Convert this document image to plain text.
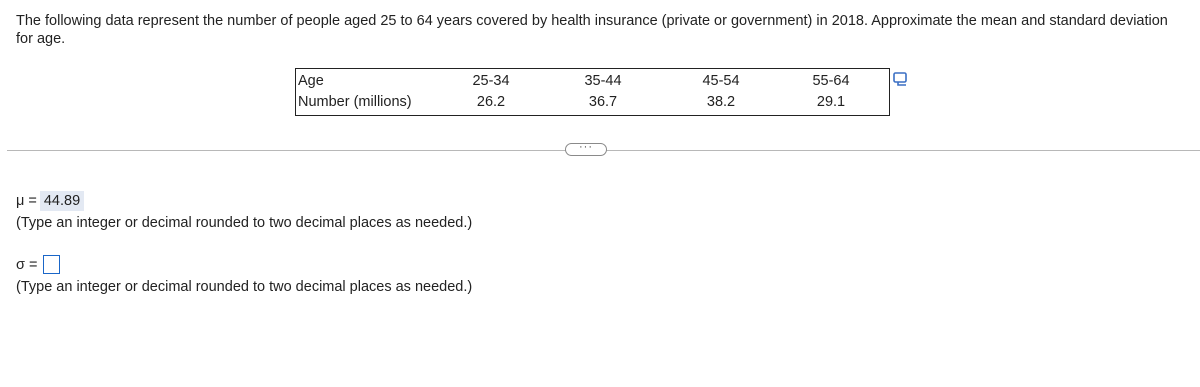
The following data represent the number of people aged 25 to 64 years covered by health insurance (private or government) in 2018. Approximate the mean and standard deviation for age.
Age	25-34	35-44	45-54	55-64
Number (millions)	26.2	36.7	38.2	29.1
···
μ = 44.89
(Type an integer or decimal rounded to two decimal places as needed.)
σ =
(Type an integer or decimal rounded to two decimal places as needed.)
